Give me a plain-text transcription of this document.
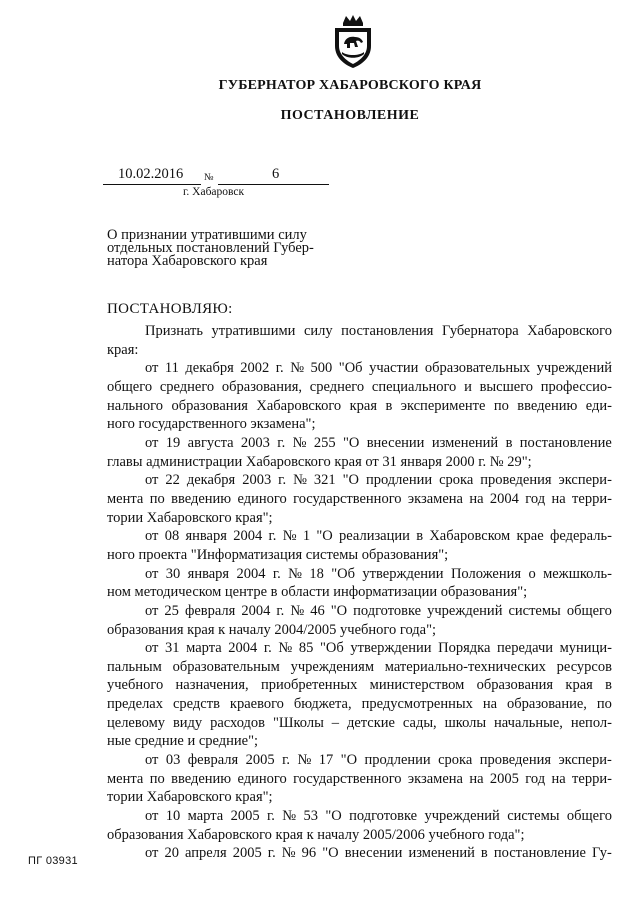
ГУБЕРНАТОР ХАБАРОВСКОГО КРАЯ
ПОСТАНОВЛЕНИЕ
10.02.2016 №	6
г. Хабаровск
О признании утратившими силу
отдельных постановлений Губер-
натора Хабаровского края
ПОСТАНОВЛЯЮ:
Признать утратившими силу постановления Губернатора Хабаровского
края:
от 11 декабря 2002 г. № 500 "Об участии образовательных учреждений
общего среднего образования, среднего специального и высшего профессио-
нального образования Хабаровского края в эксперименте по введению еди-
ного государственного экзамена";
от 19 августа 2003 г. № 255 "О внесении изменений в постановление
главы администрации Хабаровского края от 31 января 2000 г. № 29";
от 22 декабря 2003 г. № 321 "О продлении срока проведения экспери-
мента по введению единого государственного экзамена на 2004 год на терри-
тории Хабаровского края";
от 08 января 2004 г. № 1 "О реализации в Хабаровском крае федераль-
ного проекта "Информатизация системы образования";
от 30 января 2004 г. № 18 "Об утверждении Положения о межшколь-
ном методическом центре в области информатизации образования";
от 25 февраля 2004 г. № 46 "О подготовке учреждений системы общего
образования края к началу 2004/2005 учебного года";
от 31 марта 2004 г. № 85 "Об утверждении Порядка передачи муници-
пальным образовательным учреждениям материально-технических ресурсов
учебного назначения, приобретенных министерством образования края в
пределах средств краевого бюджета, предусмотренных на образование, по
целевому виду расходов "Школы – детские сады, школы начальные, непол-
ные средние и средние";
от 03 февраля 2005 г. № 17 "О продлении срока проведения экспери-
мента по введению единого государственного экзамена на 2005 год на терри-
тории Хабаровского края";
от 10 марта 2005 г. № 53 "О подготовке учреждений системы общего
образования Хабаровского края к началу 2005/2006 учебного года";
от 20 апреля 2005 г. № 96 "О внесении изменений в постановление Гу-
ПГ 03931
